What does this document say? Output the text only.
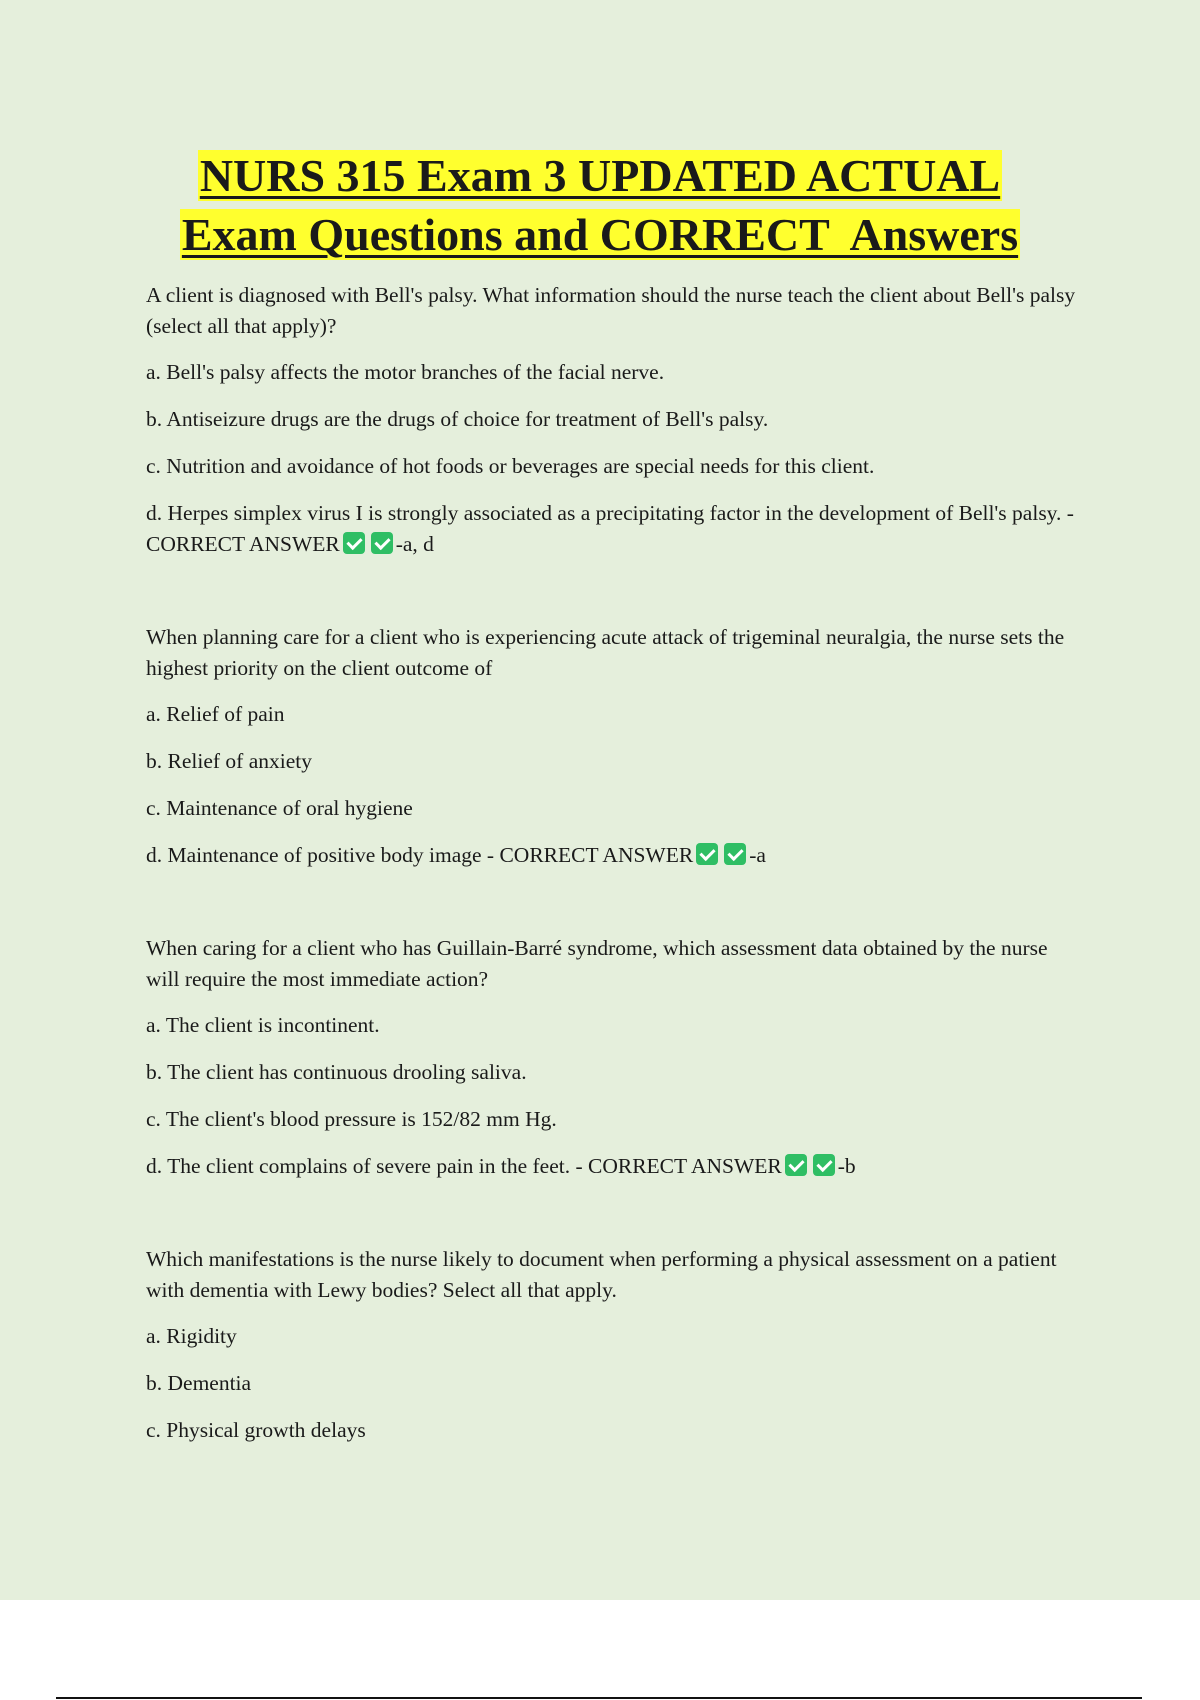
NURS 315 Exam 3 UPDATED ACTUAL
Exam Questions and CORRECT  Answers

A client is diagnosed with Bell's palsy. What information should the nurse teach the client about Bell's palsy (select all that apply)?

a. Bell's palsy affects the motor branches of the facial nerve.

b. Antiseizure drugs are the drugs of choice for treatment of Bell's palsy.

c. Nutrition and avoidance of hot foods or beverages are special needs for this client.

d. Herpes simplex virus I is strongly associated as a precipitating factor in the development of Bell's palsy. - CORRECT ANSWER	-a, d

When planning care for a client who is experiencing acute attack of trigeminal neuralgia, the nurse sets the highest priority on the client outcome of

a. Relief of pain

b. Relief of anxiety

c. Maintenance of oral hygiene

d. Maintenance of positive body image - CORRECT ANSWER	-a

When caring for a client who has Guillain-Barré syndrome, which assessment data obtained by the nurse will require the most immediate action?

a. The client is incontinent.

b. The client has continuous drooling saliva.

c. The client's blood pressure is 152/82 mm Hg.

d. The client complains of severe pain in the feet. - CORRECT ANSWER	-b

Which manifestations is the nurse likely to document when performing a physical assessment on a patient with dementia with Lewy bodies? Select all that apply.

a. Rigidity

b. Dementia

c. Physical growth delays
